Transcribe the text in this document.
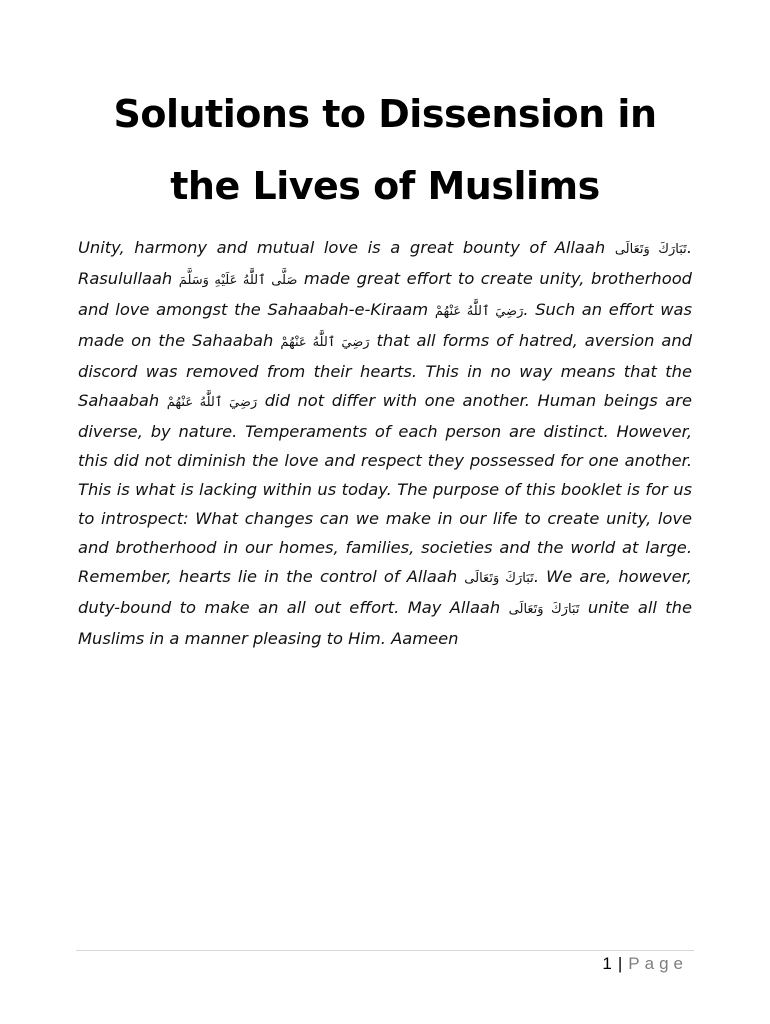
Solutions to Dissension in
the Lives of Muslims

Unity, harmony and mutual love is a great bounty of Allaah تَبَارَكَ وَتَعَالَى. Rasulullaah صَلَّى ٱللَّٰهُ عَلَيْهِ وَسَلَّمَ made great effort to create unity, brotherhood and love amongst the Sahaabah-e-Kiraam رَضِيَ ٱللَّٰهُ عَنْهُمْ. Such an effort was made on the Sahaabah رَضِيَ ٱللَّٰهُ عَنْهُمْ that all forms of hatred, aversion and discord was removed from their hearts. This in no way means that the Sahaabah رَضِيَ ٱللَّٰهُ عَنْهُمْ did not differ with one another. Human beings are diverse, by nature. Temperaments of each person are distinct. However, this did not diminish the love and respect they possessed for one another. This is what is lacking within us today. The purpose of this booklet is for us to introspect: What changes can we make in our life to create unity, love and brotherhood in our homes, families, societies and the world at large. Remember, hearts lie in the control of Allaah تَبَارَكَ وَتَعَالَى. We are, however, duty-bound to make an all out effort. May Allaah تَبَارَكَ وَتَعَالَى unite all the Muslims in a manner pleasing to Him. Aameen

1 | Page
